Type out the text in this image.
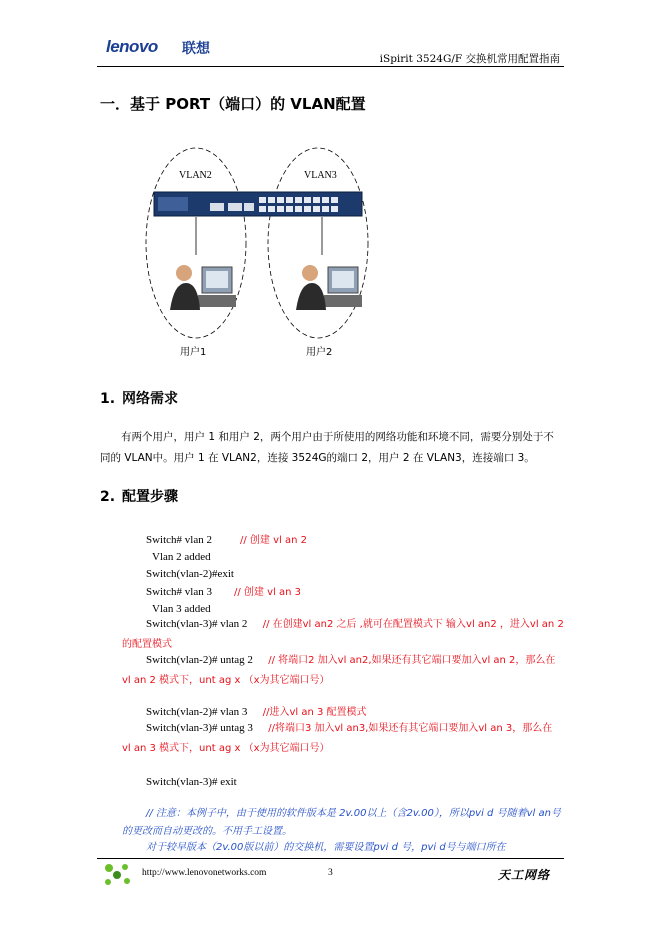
lenovo 联想
iSpirit 3524G/F 交换机常用配置指南
一．基于 PORT（端口）的 VLAN配置
VLAN2	VLAN3
用户1	用户2
1. 网络需求
有两个用户，用户 1 和用户 2，两个用户由于所使用的网络功能和环境不同，需要分别处于不同的 VLAN中。用户 1 在 VLAN2，连接 3524G的端口 2，用户 2 在 VLAN3，连接端口 3。
2. 配置步骤
Switch# vlan 2	// 创建 vl an 2
Vlan 2 added
Switch(vlan-2)#exit
Switch# vlan 3 // 创建 vl an 3
Vlan 3 added
Switch(vlan-3)# vlan 2 // 在创建vl an2 之后 ,就可在配置模式下 输入vl an2 ，进入vl an 2的配置模式
Switch(vlan-2)# untag 2 // 将端口2 加入vl an2,如果还有其它端口要加入vl an 2，那么在 vl an 2 模式下，unt ag x （x为其它端口号）
Switch(vlan-2)# vlan 3 //进入vl an 3 配置模式
Switch(vlan-3)# untag 3 //将端口3 加入vl an3,如果还有其它端口要加入vl an 3，那么在 vl an 3 模式下，unt ag x （x为其它端口号）
Switch(vlan-3)# exit
// 注意：本例子中，由于使用的软件版本是 2v.00以上（含2v.00），所以pvi d 号随着vl an号的更改而自动更改的。不用手工设置。
对于较早版本（2v.00版以前）的交换机，需要设置pvi d 号，pvi d号与端口所在
http://www.lenovonetworks.com	3	天工网络
